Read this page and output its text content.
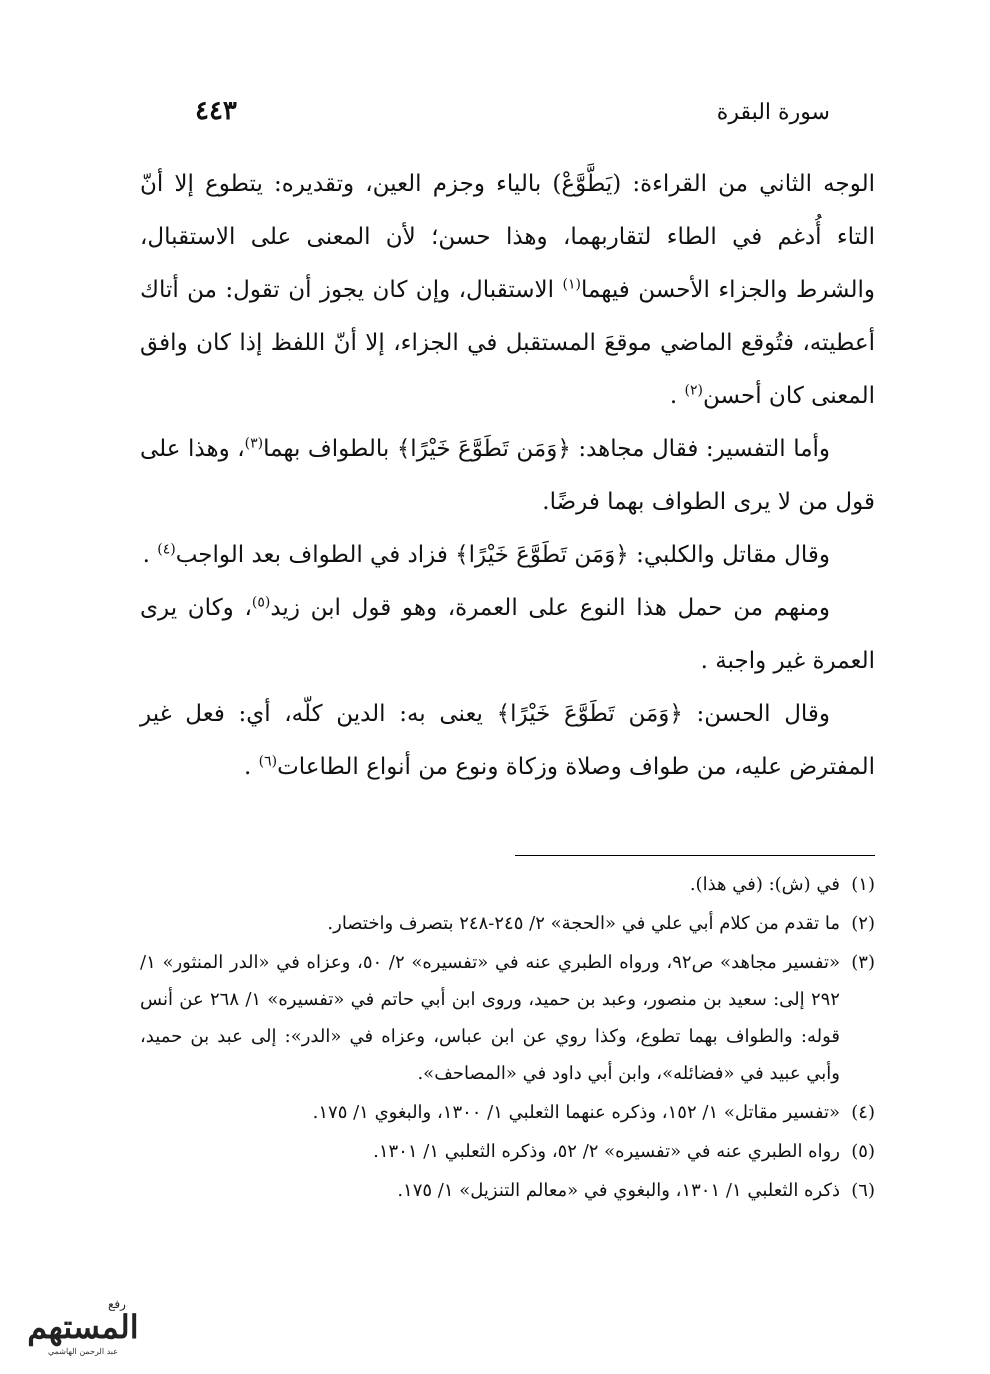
سورة البقرة
٤٤٣

الوجه الثاني من القراءة: (يَطَّوَّعْ) بالياء وجزم العين، وتقديره: يتطوع إلا أنّ التاء أُدغم في الطاء لتقاربهما، وهذا حسن؛ لأن المعنى على الاستقبال، والشرط والجزاء الأحسن فيهما$^{(١)}$ الاستقبال، وإن كان يجوز أن تقول: من أتاك أعطيته، فتُوقع الماضي موقعَ المستقبل في الجزاء، إلا أنّ اللفظ إذا كان وافق المعنى كان أحسن$^{(٢)}$ .

وأما التفسير: فقال مجاهد: ﴿وَمَن تَطَوَّعَ خَيْرًا﴾ بالطواف بهما$^{(٣)}$، وهذا على قول من لا يرى الطواف بهما فرضًا.

وقال مقاتل والكلبي: ﴿وَمَن تَطَوَّعَ خَيْرًا﴾ فزاد في الطواف بعد الواجب$^{(٤)}$ .

ومنهم من حمل هذا النوع على العمرة، وهو قول ابن زيد$^{(٥)}$، وكان يرى العمرة غير واجبة .

وقال الحسن: ﴿وَمَن تَطَوَّعَ خَيْرًا﴾ يعنى به: الدين كلّه، أي: فعل غير المفترض عليه، من طواف وصلاة وزكاة ونوع من أنواع الطاعات$^{(٦)}$ .

(١)
في (ش): (في هذا).
(٢)
ما تقدم من كلام أبي علي في «الحجة» ٢/ ٢٤٥-٢٤٨ بتصرف واختصار.
(٣)
«تفسير مجاهد» ص٩٢، ورواه الطبري عنه في «تفسيره» ٢/ ٥٠، وعزاه في «الدر المنثور» ١/ ٢٩٢ إلى: سعيد بن منصور، وعبد بن حميد، وروى ابن أبي حاتم في «تفسيره» ١/ ٢٦٨ عن أنس قوله: والطواف بهما تطوع، وكذا روي عن ابن عباس، وعزاه في «الدر»: إلى عبد بن حميد، وأبي عبيد في «فضائله»، وابن أبي داود في «المصاحف».
(٤)
«تفسير مقاتل» ١/ ١٥٢، وذكره عنهما الثعلبي ١/ ١٣٠٠، والبغوي ١/ ١٧٥.
(٥)
رواه الطبري عنه في «تفسيره» ٢/ ٥٢، وذكره الثعلبي ١/ ١٣٠١.
(٦)
ذكره الثعلبي ١/ ١٣٠١، والبغوي في «معالم التنزيل» ١/ ١٧٥.
رفع
المستهم
عبد الرحمن الهاشمي
